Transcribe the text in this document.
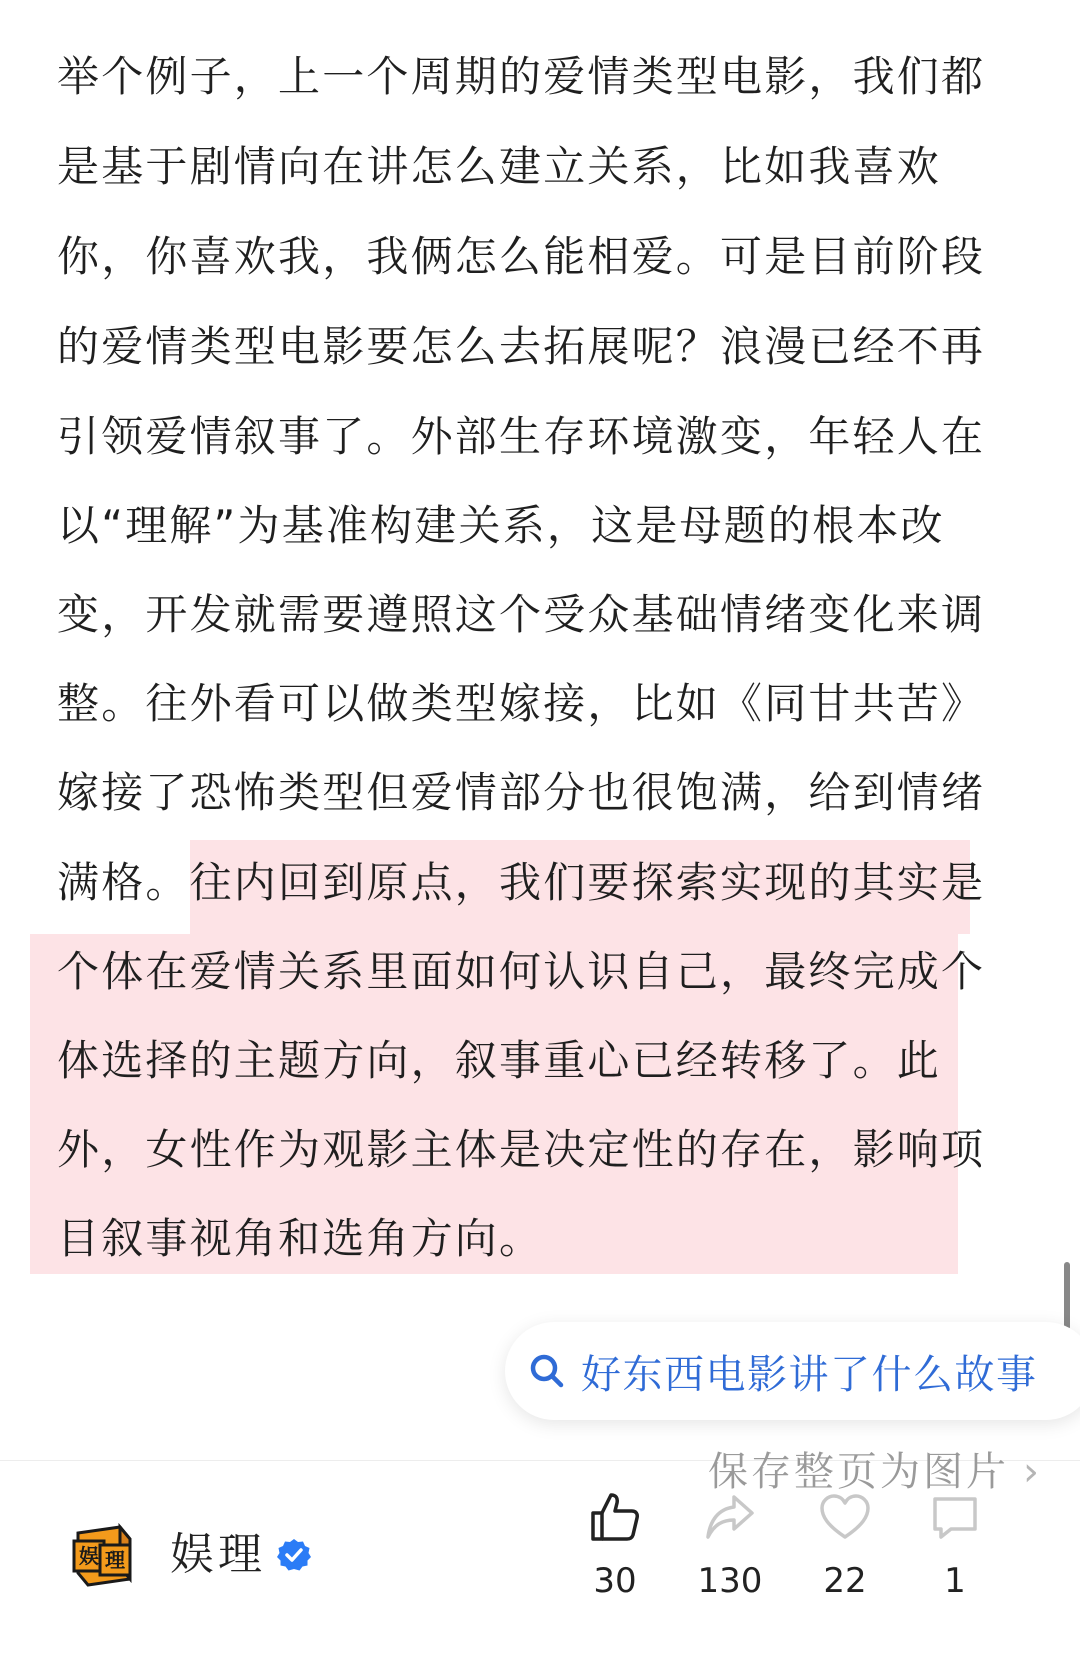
举个例子，上一个周期的爱情类型电影，我们都
是基于剧情向在讲怎么建立关系，比如我喜欢
你，你喜欢我，我俩怎么能相爱。可是目前阶段
的爱情类型电影要怎么去拓展呢？浪漫已经不再
引领爱情叙事了。外部生存环境激变，年轻人在
以“理解”为基准构建关系，这是母题的根本改
变，开发就需要遵照这个受众基础情绪变化来调
整。往外看可以做类型嫁接，比如《同甘共苦》
嫁接了恐怖类型但爱情部分也很饱满，给到情绪
满格。往内回到原点，我们要探索实现的其实是
个体在爱情关系里面如何认识自己，最终完成个
体选择的主题方向，叙事重心已经转移了。此
外，女性作为观影主体是决定性的存在，影响项
目叙事视角和选角方向。
好东西电影讲了什么故事
娱 理 娱理
30	130	22	1
保存整页为图片 ›
